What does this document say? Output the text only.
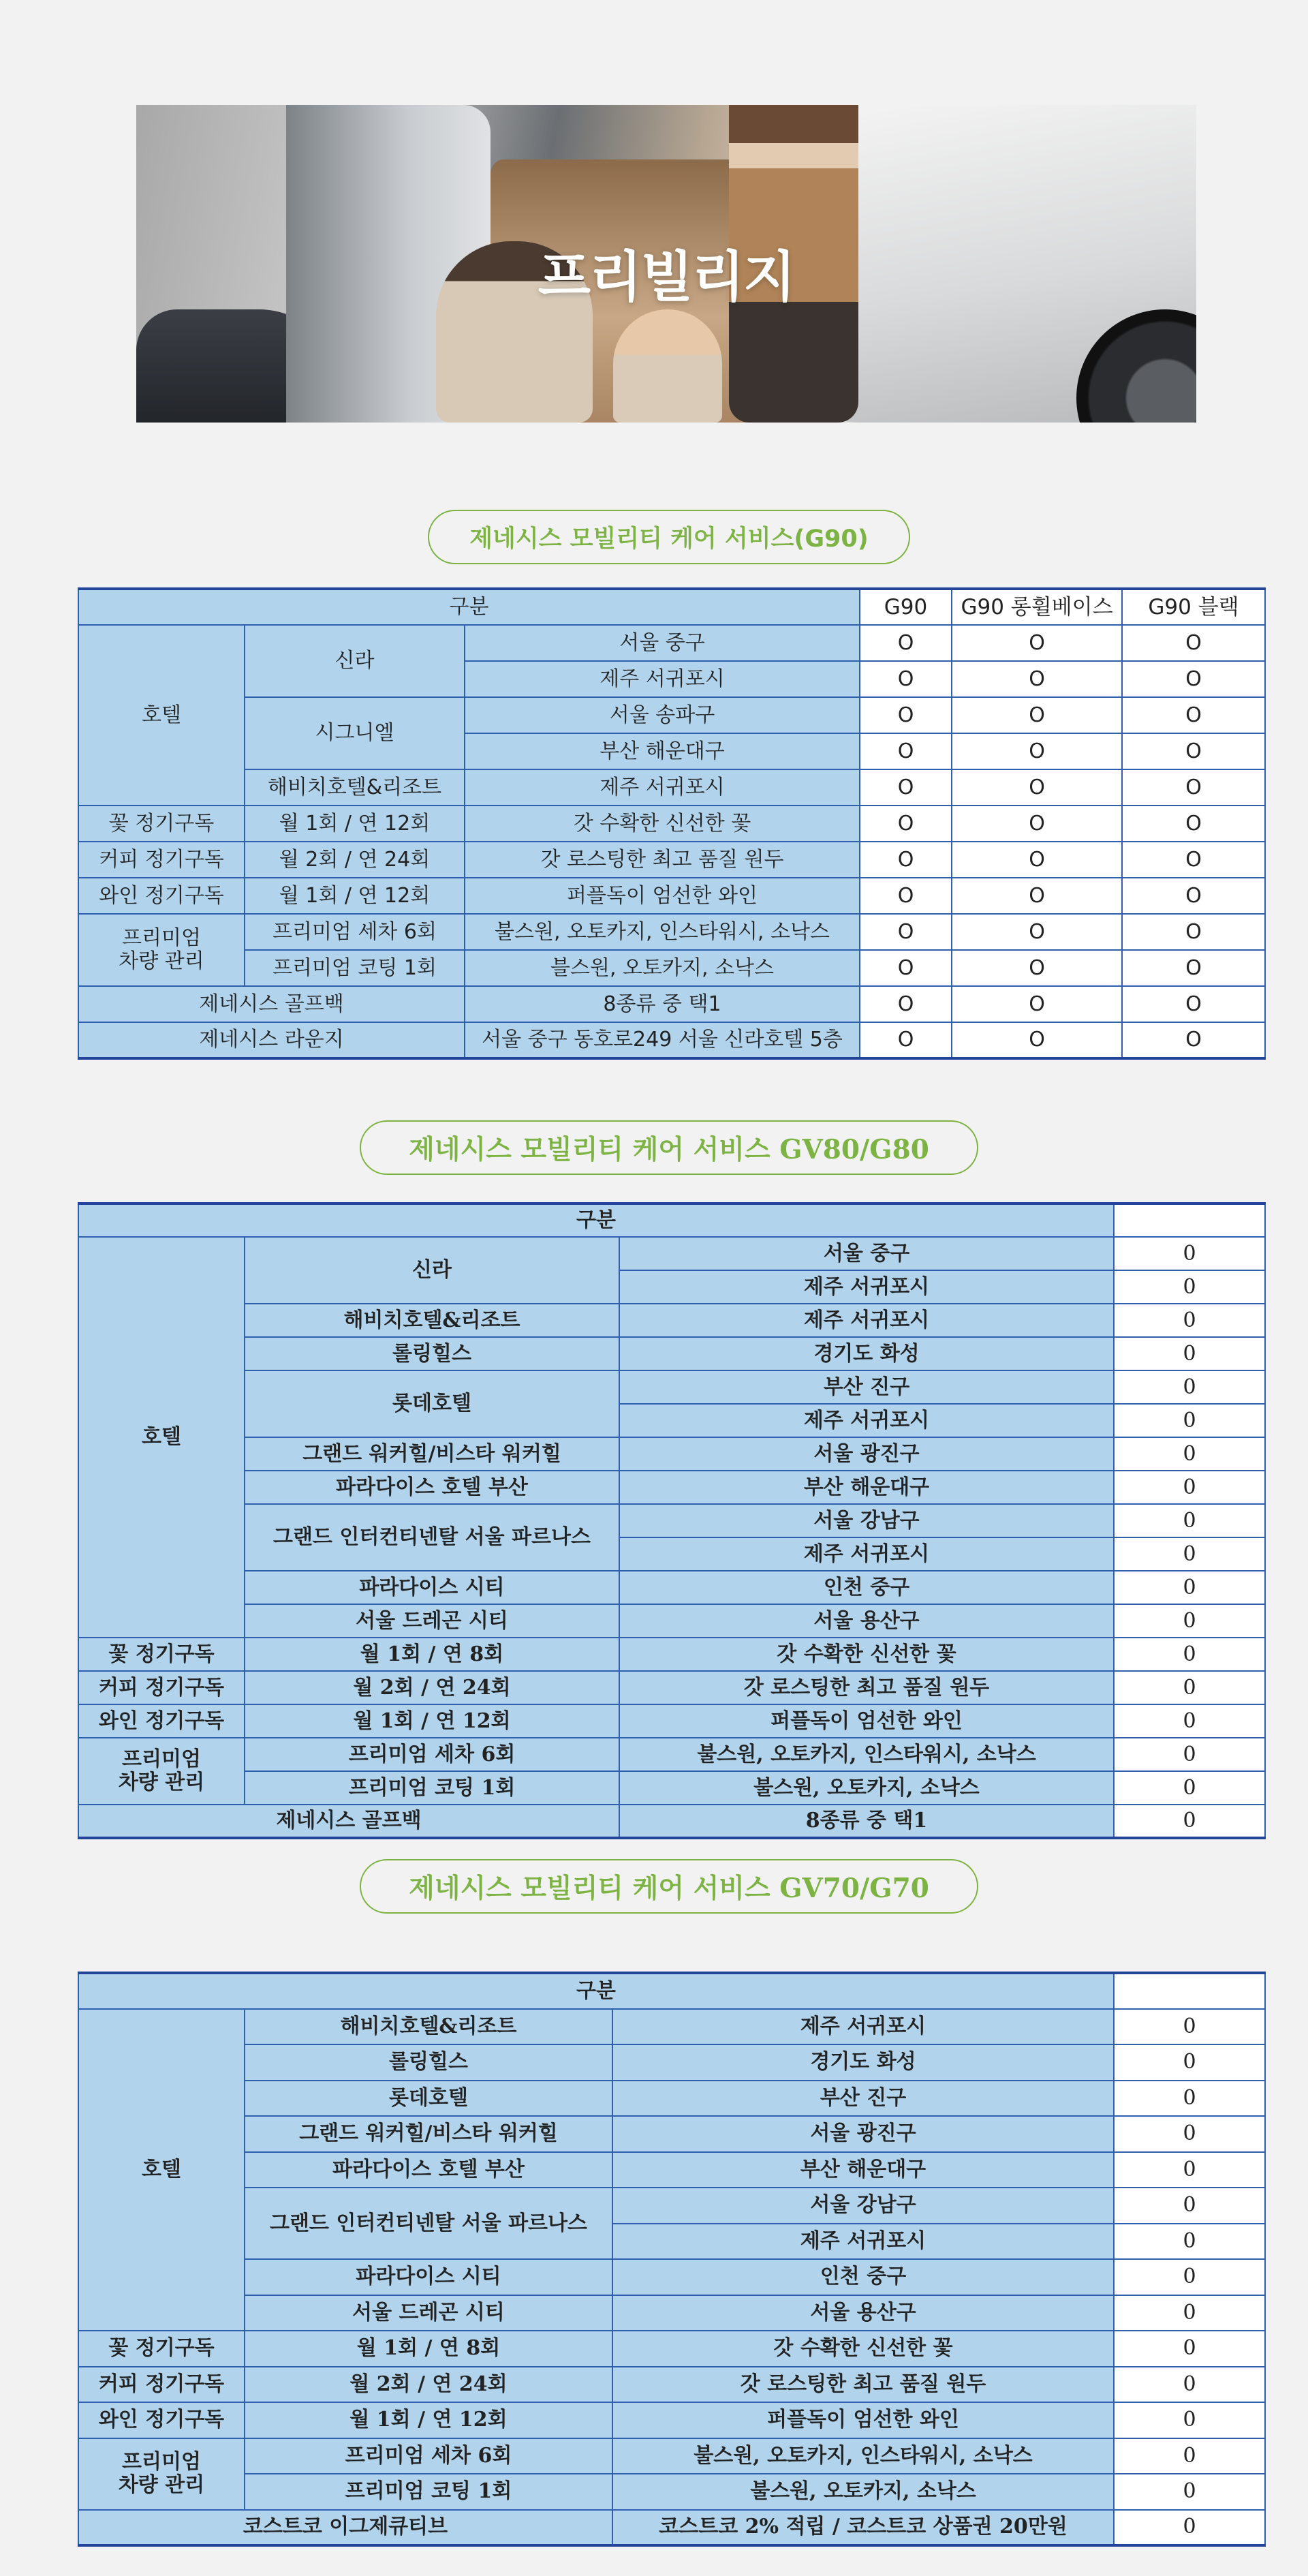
프리빌리지
제네시스 모빌리티 케어 서비스(G90)
구분			G90	G90 롱휠베이스	G90 블랙
호텔	신라	서울 중구	O	O	O
		제주 서귀포시	O	O	O
	시그니엘	서울 송파구	O	O	O
		부산 해운대구	O	O	O
	해비치호텔&리조트	제주 서귀포시	O	O	O
꽃 정기구독	월 1회 / 연 12회	갓 수확한 신선한 꽃	O	O	O
커피 정기구독	월 2회 / 연 24회	갓 로스팅한 최고 품질 원두	O	O	O
와인 정기구독	월 1회 / 연 12회	퍼플독이 엄선한 와인	O	O	O
프리미엄
차량 관리	프리미엄 세차 6회	불스원, 오토카지, 인스타워시, 소낙스	O	O	O
	프리미엄 코팅 1회	블스원, 오토카지, 소낙스	O	O	O
제네시스 골프백		8종류 중 택1	O	O	O
제네시스 라운지		서울 중구 동호로249 서울 신라호텔 5층	O	O	O
제네시스 모빌리티 케어 서비스 GV80/G80
구분			
호텔	신라	서울 중구	0
		제주 서귀포시	0
	해비치호텔&리조트	제주 서귀포시	0
	롤링힐스	경기도 화성	0
	롯데호텔	부산 진구	0
		제주 서귀포시	0
	그랜드 워커힐/비스타 워커힐	서울 광진구	0
	파라다이스 호텔 부산	부산 해운대구	0
	그랜드 인터컨티넨탈 서울 파르나스	서울 강남구	0
		제주 서귀포시	0
	파라다이스 시티	인천 중구	0
	서울 드레곤 시티	서울 용산구	0
꽃 정기구독	월 1회 / 연 8회	갓 수확한 신선한 꽃	0
커피 정기구독	월 2회 / 연 24회	갓 로스팅한 최고 품질 원두	0
와인 정기구독	월 1회 / 연 12회	퍼플독이 엄선한 와인	0
프리미엄
차량 관리	프리미엄 세차 6회	불스원, 오토카지, 인스타워시, 소낙스	0
	프리미엄 코팅 1회	불스원, 오토카지, 소낙스	0
제네시스 골프백		8종류 중 택1	0
제네시스 모빌리티 케어 서비스 GV70/G70
구분			
호텔	해비치호텔&리조트	제주 서귀포시	0
	롤링힐스	경기도 화성	0
	롯데호텔	부산 진구	0
	그랜드 워커힐/비스타 워커힐	서울 광진구	0
	파라다이스 호텔 부산	부산 해운대구	0
	그랜드 인터컨티넨탈 서울 파르나스	서울 강남구	0
		제주 서귀포시	0
	파라다이스 시티	인천 중구	0
	서울 드레곤 시티	서울 용산구	0
꽃 정기구독	월 1회 / 연 8회	갓 수확한 신선한 꽃	0
커피 정기구독	월 2회 / 연 24회	갓 로스팅한 최고 품질 원두	0
와인 정기구독	월 1회 / 연 12회	퍼플독이 엄선한 와인	0
프리미엄
차량 관리	프리미엄 세차 6회	불스원, 오토카지, 인스타워시, 소낙스	0
	프리미엄 코팅 1회	불스원, 오토카지, 소낙스	0
코스트코 이그제큐티브		코스트코 2% 적립 / 코스트코 상품권 20만원	0
